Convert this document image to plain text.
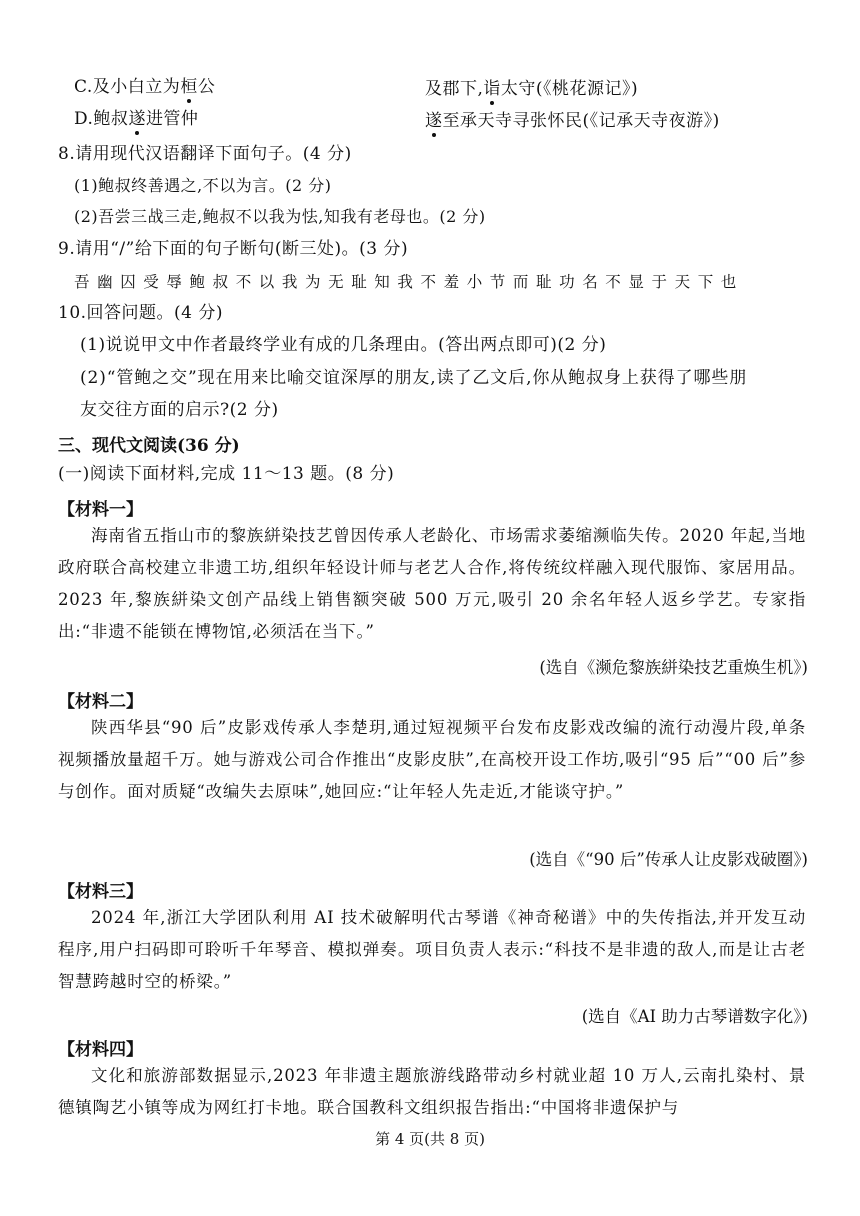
C.及小白立为桓公	及郡下,诣太守(《桃花源记》)
D.鲍叔遂进管仲	遂至承天寺寻张怀民(《记承天寺夜游》)
8.请用现代汉语翻译下面句子。(4 分)
(1)鲍叔终善遇之,不以为言。(2 分)
(2)吾尝三战三走,鲍叔不以我为怯,知我有老母也。(2 分)
9.请用“/”给下面的句子断句(断三处)。(3 分)
吾幽囚受辱鲍叔不以我为无耻知我不羞小节而耻功名不显于天下也
10.回答问题。(4 分)
(1)说说甲文中作者最终学业有成的几条理由。(答出两点即可)(2 分)
(2)“管鲍之交”现在用来比喻交谊深厚的朋友,读了乙文后,你从鲍叔身上获得了哪些朋
友交往方面的启示?(2 分)
三、现代文阅读(36 分)
(一)阅读下面材料,完成 11～13 题。(8 分)
【材料一】
海南省五指山市的黎族絣染技艺曾因传承人老龄化、市场需求萎缩濒临失传。2020 年起,当地政府联合高校建立非遗工坊,组织年轻设计师与老艺人合作,将传统纹样融入现代服饰、家居用品。2023 年,黎族絣染文创产品线上销售额突破 500 万元,吸引 20 余名年轻人返乡学艺。专家指出:“非遗不能锁在博物馆,必须活在当下。”
(选自《濒危黎族絣染技艺重焕生机》)
【材料二】
陕西华县“90 后”皮影戏传承人李楚玥,通过短视频平台发布皮影戏改编的流行动漫片段,单条视频播放量超千万。她与游戏公司合作推出“皮影皮肤”,在高校开设工作坊,吸引“95 后”“00 后”参与创作。面对质疑“改编失去原味”,她回应:“让年轻人先走近,才能谈守护。”
(选自《“90 后”传承人让皮影戏破圈》)
【材料三】
2024 年,浙江大学团队利用 AI 技术破解明代古琴谱《神奇秘谱》中的失传指法,并开发互动程序,用户扫码即可聆听千年琴音、模拟弹奏。项目负责人表示:“科技不是非遗的敌人,而是让古老智慧跨越时空的桥梁。”
(选自《AI 助力古琴谱数字化》)
【材料四】
文化和旅游部数据显示,2023 年非遗主题旅游线路带动乡村就业超 10 万人,云南扎染村、景德镇陶艺小镇等成为网红打卡地。联合国教科文组织报告指出:“中国将非遗保护与
第 4 页(共 8 页)
